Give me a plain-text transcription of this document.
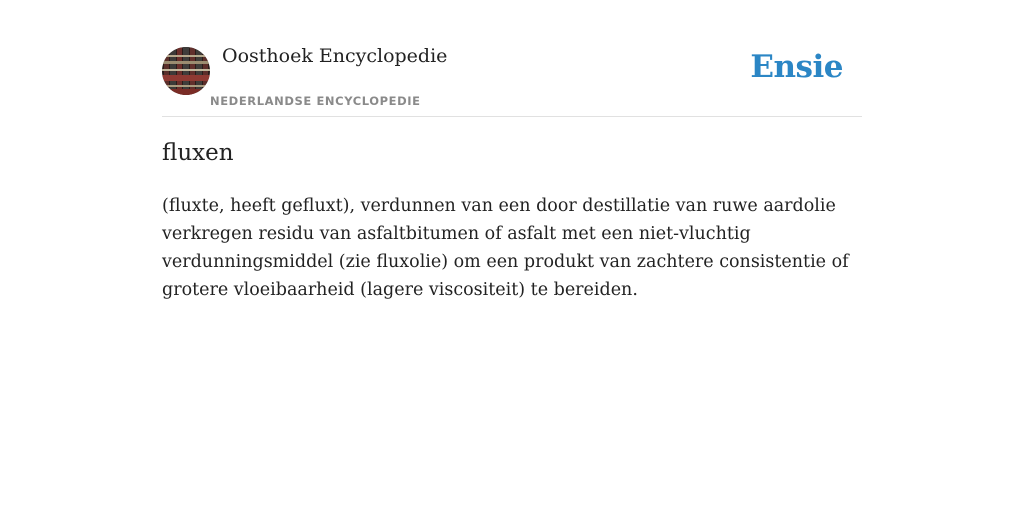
Oosthoek Encyclopedie
NEDERLANDSE ENCYCLOPEDIE
Ensie
fluxen

(fluxte, heeft gefluxt), verdunnen van een door destillatie van ruwe aardolie verkregen residu van asfaltbitumen of asfalt met een niet-vluchtig verdunningsmiddel (zie fluxolie) om een produkt van zachtere consistentie of grotere vloeibaarheid (lagere viscositeit) te bereiden.
